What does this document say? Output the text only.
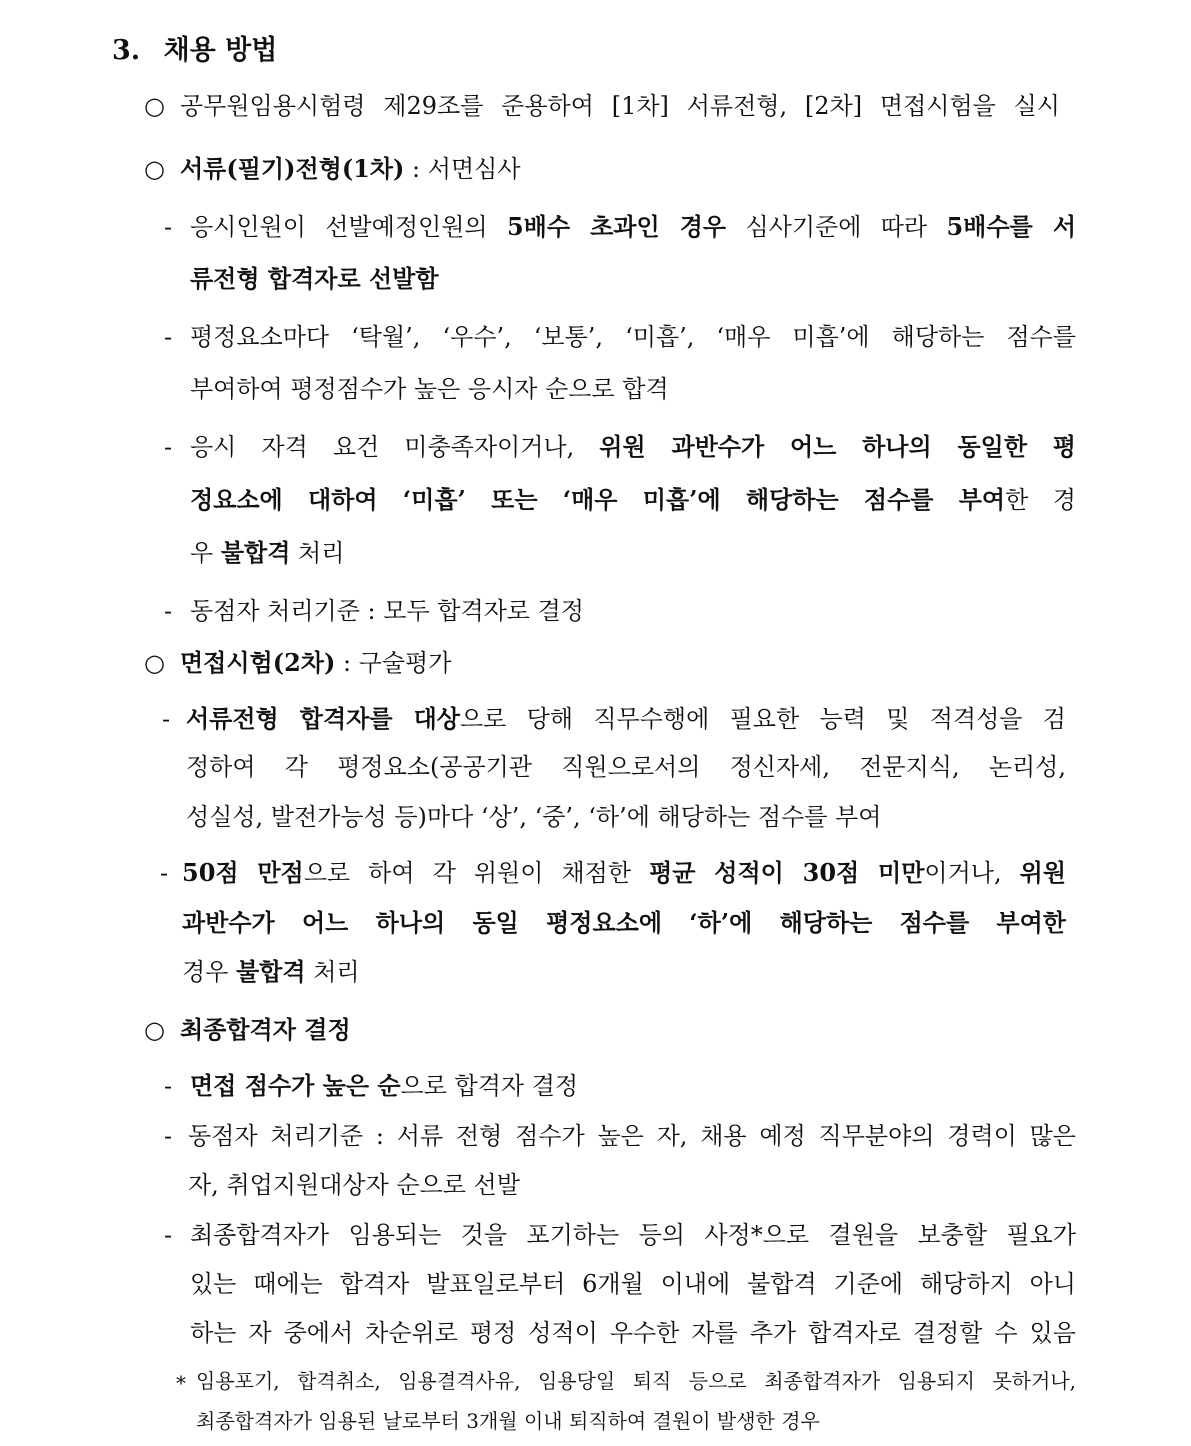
3. 채용 방법
○ 공무원임용시험령 제29조를 준용하여 [1차] 서류전형, [2차] 면접시험을 실시
○ 서류(필기)전형(1차) : 서면심사
- 응시인원이 선발예정인원의 5배수 초과인 경우 심사기준에 따라 5배수를 서
류전형 합격자로 선발함
- 평정요소마다 ‘탁월’, ‘우수’, ‘보통’, ‘미흡’, ‘매우 미흡’에 해당하는 점수를
부여하여 평정점수가 높은 응시자 순으로 합격
- 응시 자격 요건 미충족자이거나, 위원 과반수가 어느 하나의 동일한 평
정요소에 대하여 ‘미흡’ 또는 ‘매우 미흡’에 해당하는 점수를 부여한 경
우 불합격 처리
- 동점자 처리기준 : 모두 합격자로 결정
○ 면접시험(2차) : 구술평가
- 서류전형 합격자를 대상으로 당해 직무수행에 필요한 능력 및 적격성을 검
정하여 각 평정요소(공공기관 직원으로서의 정신자세, 전문지식, 논리성,
성실성, 발전가능성 등)마다 ‘상’, ‘중’, ‘하’에 해당하는 점수를 부여
- 50점 만점으로 하여 각 위원이 채점한 평균 성적이 30점 미만이거나, 위원
과반수가 어느 하나의 동일 평정요소에 ‘하’에 해당하는 점수를 부여한
경우 불합격 처리
○ 최종합격자 결정
- 면접 점수가 높은 순으로 합격자 결정
- 동점자 처리기준 : 서류 전형 점수가 높은 자, 채용 예정 직무분야의 경력이 많은
자, 취업지원대상자 순으로 선발
- 최종합격자가 임용되는 것을 포기하는 등의 사정*으로 결원을 보충할 필요가
있는 때에는 합격자 발표일로부터 6개월 이내에 불합격 기준에 해당하지 아니
하는 자 중에서 차순위로 평정 성적이 우수한 자를 추가 합격자로 결정할 수 있음
* 임용포기, 합격취소, 임용결격사유, 임용당일 퇴직 등으로 최종합격자가 임용되지 못하거나,
최종합격자가 임용된 날로부터 3개월 이내 퇴직하여 결원이 발생한 경우
